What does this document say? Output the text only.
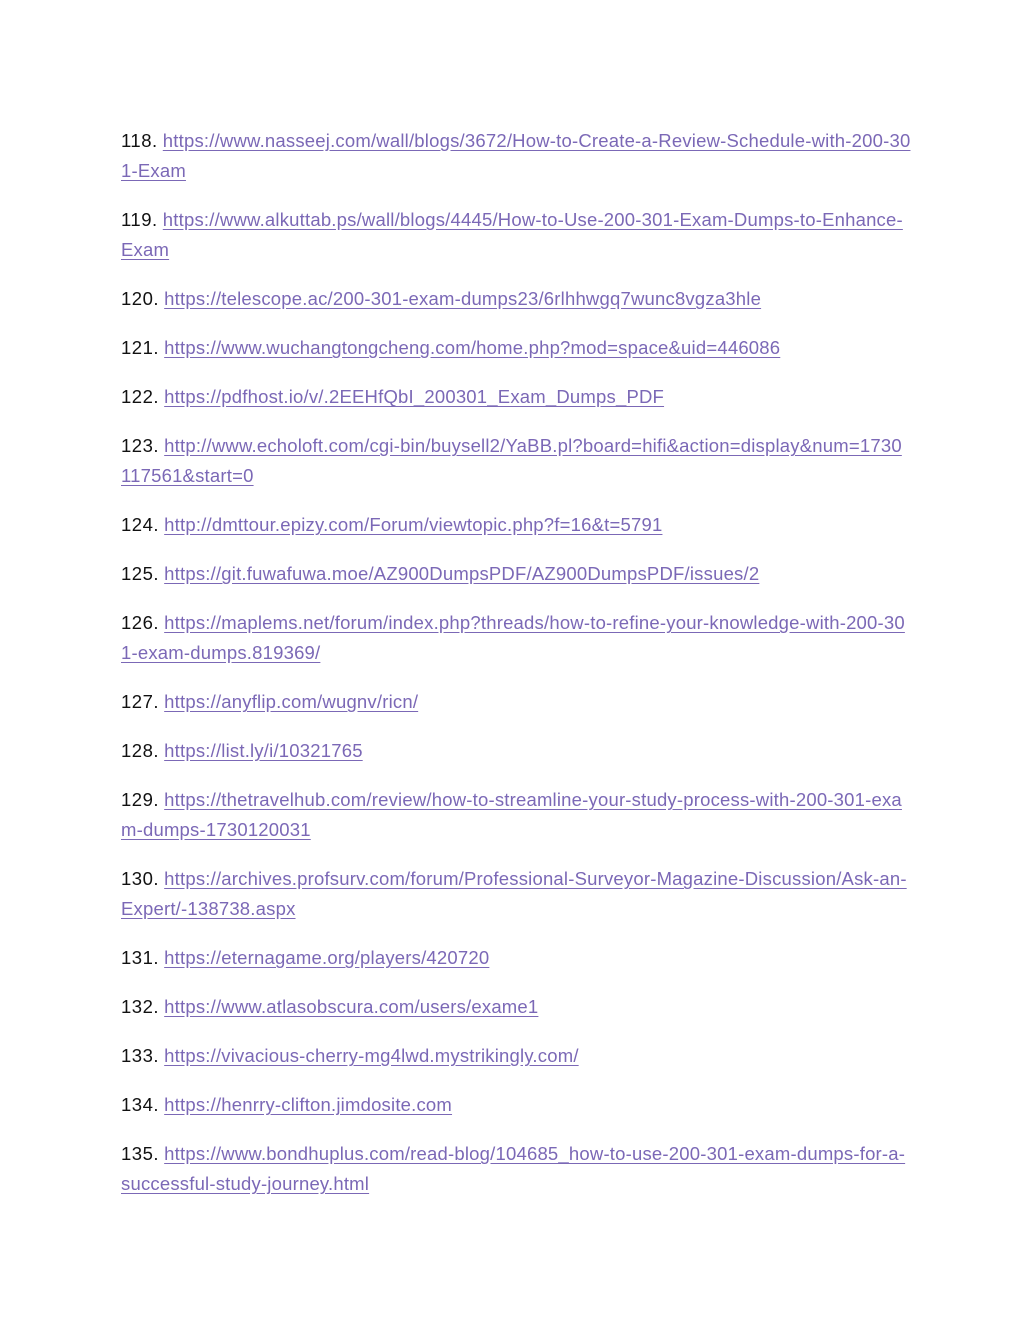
118. https://www.nasseej.com/wall/blogs/3672/How-to-Create-a-Review-Schedule-with-200-301-Exam
119. https://www.alkuttab.ps/wall/blogs/4445/How-to-Use-200-301-Exam-Dumps-to-Enhance-Exam
120. https://telescope.ac/200-301-exam-dumps23/6rlhhwgq7wunc8vgza3hle
121. https://www.wuchangtongcheng.com/home.php?mod=space&uid=446086
122. https://pdfhost.io/v/.2EEHfQbI_200301_Exam_Dumps_PDF
123. http://www.echoloft.com/cgi-bin/buysell2/YaBB.pl?board=hifi&action=display&num=1730117561&start=0
124. http://dmttour.epizy.com/Forum/viewtopic.php?f=16&t=5791
125. https://git.fuwafuwa.moe/AZ900DumpsPDF/AZ900DumpsPDF/issues/2
126. https://maplems.net/forum/index.php?threads/how-to-refine-your-knowledge-with-200-301-exam-dumps.819369/
127. https://anyflip.com/wugnv/ricn/
128. https://list.ly/i/10321765
129. https://thetravelhub.com/review/how-to-streamline-your-study-process-with-200-301-exam-dumps-1730120031
130. https://archives.profsurv.com/forum/Professional-Surveyor-Magazine-Discussion/Ask-an-Expert/-138738.aspx
131. https://eternagame.org/players/420720
132. https://www.atlasobscura.com/users/exame1
133. https://vivacious-cherry-mg4lwd.mystrikingly.com/
134. https://henrry-clifton.jimdosite.com
135. https://www.bondhuplus.com/read-blog/104685_how-to-use-200-301-exam-dumps-for-a-successful-study-journey.html
